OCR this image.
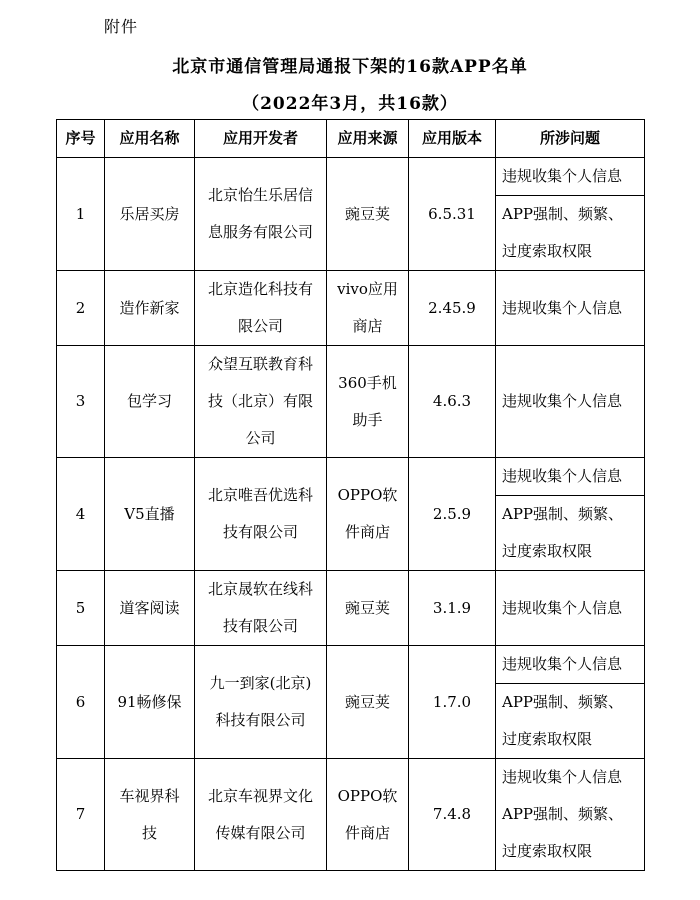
附件
北京市通信管理局通报下架的16款APP名单
（2022年3月，共16款）
序号	应用名称	应用开发者	应用来源	应用版本	所涉问题
1	乐居买房	北京怡生乐居信
息服务有限公司	豌豆荚	6.5.31	违规收集个人信息

					APP强制、频繁、
过度索取权限

2	造作新家	北京造化科技有
限公司	vivo应用
商店	2.45.9	违规收集个人信息

3	包学习	众望互联教育科
技（北京）有限
公司	360手机
助手	4.6.3	违规收集个人信息

4	V5直播	北京唯吾优选科
技有限公司	OPPO软
件商店	2.5.9	违规收集个人信息

					APP强制、频繁、
过度索取权限

5	道客阅读	北京晟软在线科
技有限公司	豌豆荚	3.1.9	违规收集个人信息

6	91畅修保	九一到家(北京)
科技有限公司	豌豆荚	1.7.0	违规收集个人信息

					APP强制、频繁、
过度索取权限

7	车视界科技	北京车视界文化
传媒有限公司	OPPO软
件商店	7.4.8	违规收集个人信息
APP强制、频繁、
过度索取权限
